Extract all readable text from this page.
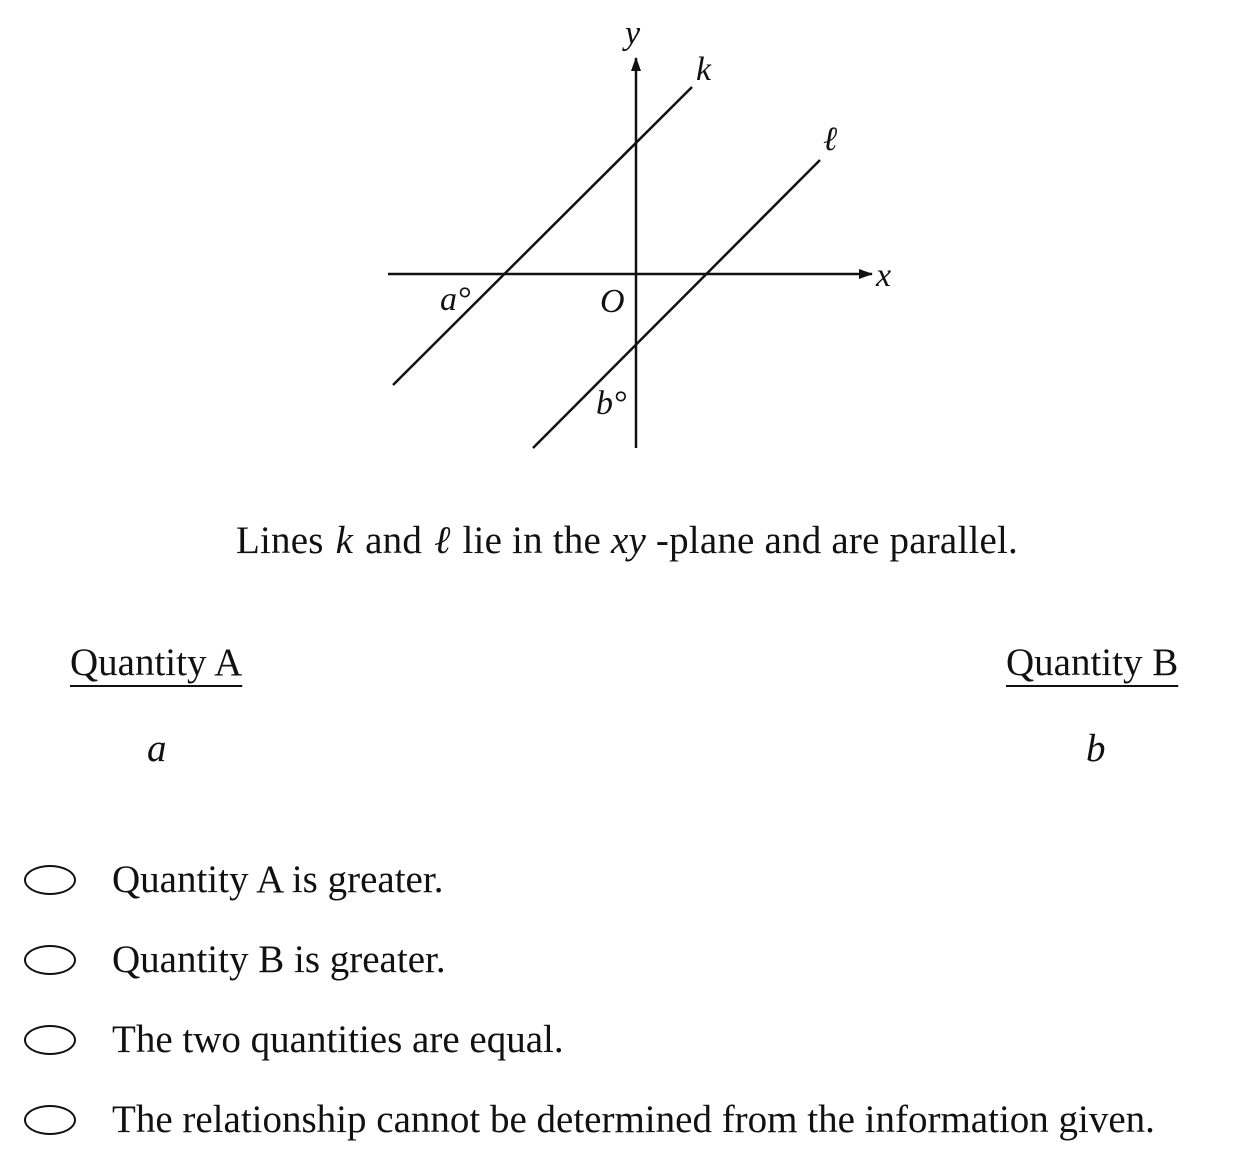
y
x
k
ℓ
O
a°
b°
Lines k and ℓ lie in the xy -plane and are parallel.
Quantity A	Quantity B
a	b
Quantity A is greater.
Quantity B is greater.
The two quantities are equal.
The relationship cannot be determined from the information given.
